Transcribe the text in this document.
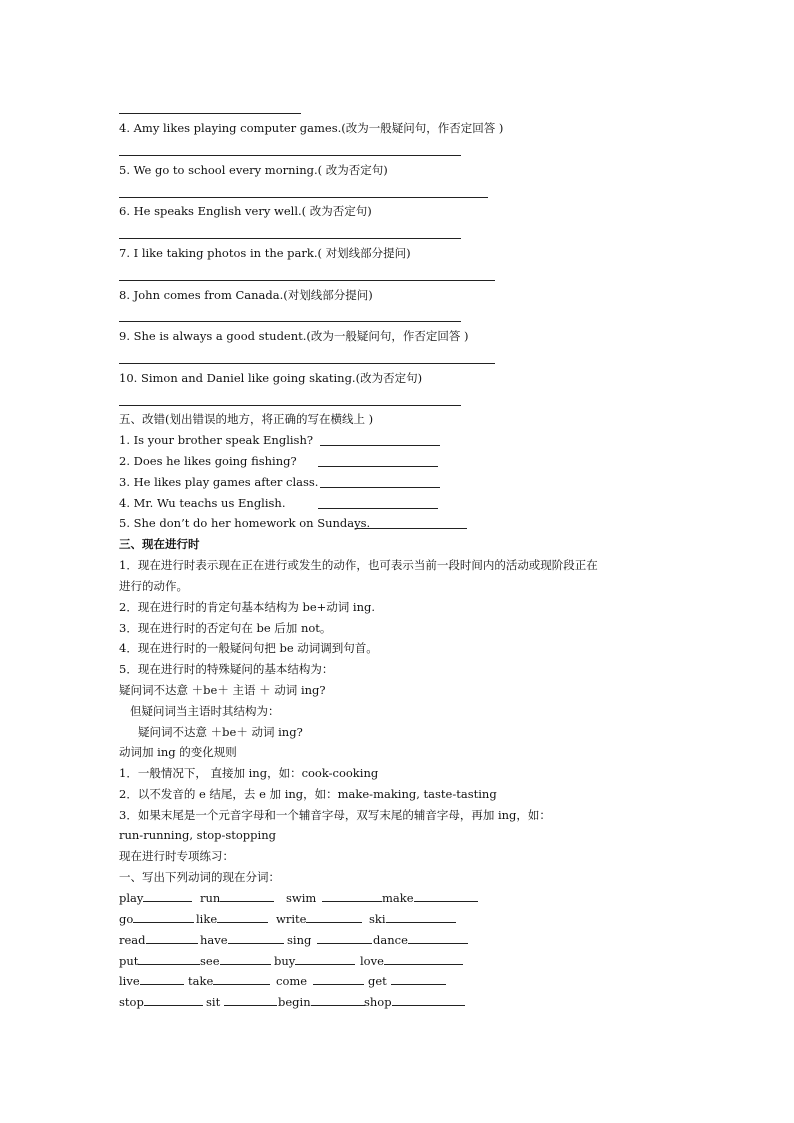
4. Amy likes playing computer games.(改为一般疑问句，作否定回答 )
5. We go to school every morning.( 改为否定句)
6. He speaks English very well.( 改为否定句)
7. I like taking photos in the park.( 对划线部分提问)
8. John comes from Canada.(对划线部分提问)
9. She is always a good student.(改为一般疑问句，作否定回答 )
10. Simon and Daniel like going skating.(改为否定句)
五、改错(划出错误的地方，将正确的写在横线上 )
1. Is your brother speak English?
2. Does he likes going fishing?
3. He likes play games after class.
4. Mr. Wu teachs us English.
5. She don’t do her homework on Sundays.
三、现在进行时
1．现在进行时表示现在正在进行或发生的动作，也可表示当前一段时间内的活动或现阶段正在
进行的动作。
2．现在进行时的肯定句基本结构为 be+动词 ing.
3．现在进行时的否定句在 be 后加 not。
4．现在进行时的一般疑问句把 be 动词调到句首。
5．现在进行时的特殊疑问的基本结构为：
疑问词不达意 ＋be＋ 主语 ＋ 动词 ing?
但疑问词当主语时其结构为：
疑问词不达意 ＋be＋ 动词 ing?
动词加 ing 的变化规则
1．一般情况下， 直接加 ing，如：cook-cooking
2．以不发音的 e 结尾，去 e 加 ing，如：make-making, taste-tasting
3．如果末尾是一个元音字母和一个辅音字母，双写末尾的辅音字母，再加 ing，如：
run-running, stop-stopping
现在进行时专项练习：
一、写出下列动词的现在分词：
play	run	swim	make
go	like	write	ski
read	have	sing	dance
put	see	buy	love
live	take	come	get
stop	sit	begin	shop
